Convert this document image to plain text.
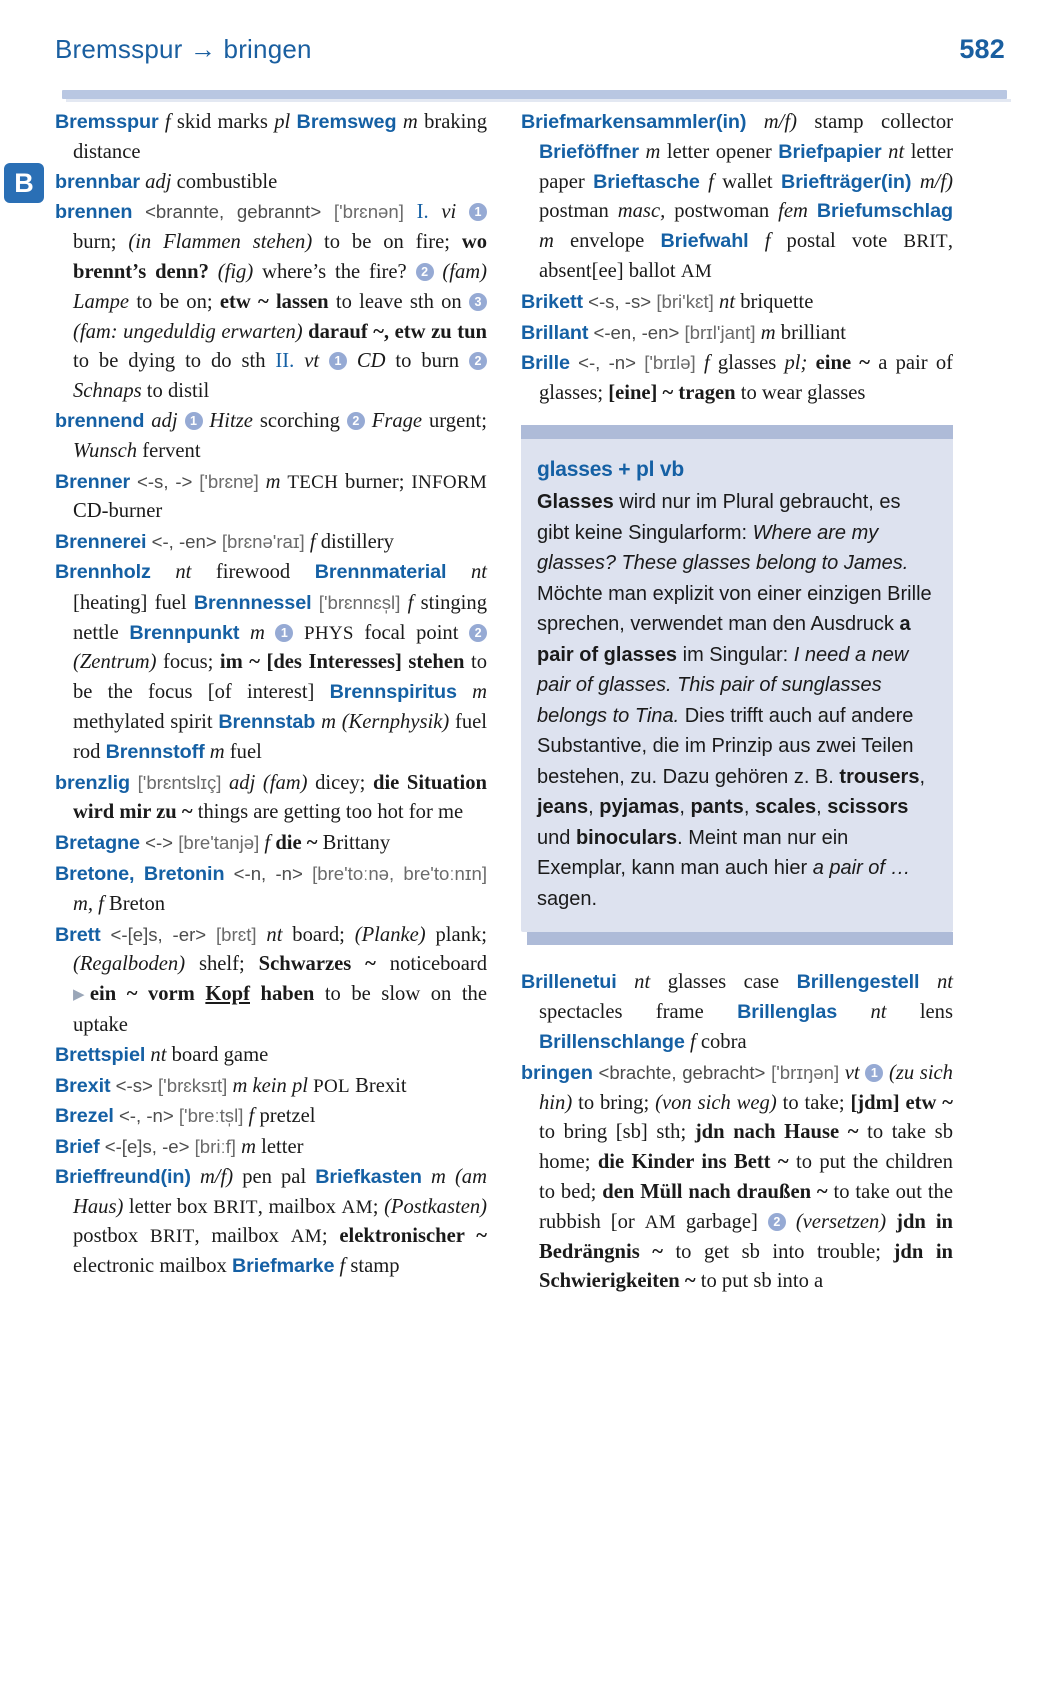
Bremsspur → bringen	582
B

Bremsspur f skid marks pl Bremsweg m braking distance

brennbar adj combustible

brennen <brannte, gebrannt> ['brɛnən] I. vi 1 burn; (in Flammen stehen) to be on fire; wo brennt’s denn? (fig) where’s the fire? 2 (fam) Lampe to be on; etw ~ lassen to leave sth on 3 (fam: ungeduldig erwarten) darauf ~, etw zu tun to be dying to do sth II. vt 1 CD to burn 2 Schnaps to distil

brennend adj 1 Hitze scorching 2 Frage urgent; Wunsch fervent

Brenner <-s, -> ['brɛnɐ] m TECH burner; INFORM CD-burner

Brennerei <-, -en> [brɛnə'raɪ] f distillery

Brennholz nt firewood Brennmaterial nt [heating] fuel Brennnessel ['brɛnnɛs̩l] f stinging nettle Brennpunkt m 1 PHYS focal point 2 (Zentrum) focus; im ~ [des Interesses] stehen to be the focus [of interest] Brennspiritus m methylated spirit Brennstab m (Kernphysik) fuel rod Brennstoff m fuel

brenzlig ['brɛntslɪç] adj (fam) dicey; die Situation wird mir zu ~ things are getting too hot for me

Bretagne <-> [bre'tanjə] f die ~ Brittany

Bretone, Bretonin <-n, -n> [bre'toːnə, bre'toːnɪn] m, f Breton

Brett <-[e]s, -er> [brɛt] nt board; (Planke) plank; (Regalboden) shelf; Schwarzes ~ noticeboard ▶ein ~ vorm Kopf haben to be slow on the uptake

Brettspiel nt board game

Brexit <-s> ['brɛksɪt] m kein pl POL Brexit

Brezel <-, -n> ['breːts̩l] f pretzel

Brief <-[e]s, -e> [briːf] m letter

Brieffreund(in) m/f) pen pal Briefkasten m (am Haus) letter box BRIT, mailbox AM; (Postkasten) postbox BRIT, mailbox AM; elektronischer ~ electronic mailbox Briefmarke f stamp

Briefmarkensammler(in) m/f) stamp collector Brieföffner m letter opener Briefpapier nt letter paper Brieftasche f wallet Briefträger(in) m/f) postman masc, postwoman fem Briefumschlag m envelope Briefwahl f postal vote BRIT, absent[ee] ballot AM

Brikett <-s, -s> [bri'kɛt] nt briquette

Brillant <-en, -en> [brɪl'jant] m brilliant

Brille <-, -n> ['brɪlə] f glasses pl; eine ~ a pair of glasses; [eine] ~ tragen to wear glasses

glasses + pl vb
Glasses wird nur im Plural gebraucht, es gibt keine Singularform: Where are my glasses? These glasses belong to James. Möchte man explizit von einer einzigen Brille sprechen, verwendet man den Ausdruck a pair of glasses im Singular: I need a new pair of glasses. This pair of sunglasses belongs to Tina. Dies trifft auch auf andere Substantive, die im Prinzip aus zwei Teilen bestehen, zu. Dazu gehören z. B. trousers, jeans, pyjamas, pants, scales, scissors und binoculars. Meint man nur ein Exemplar, kann man auch hier a pair of … sagen.

Brillenetui nt glasses case Brillengestell nt spectacles frame Brillenglas nt lens Brillenschlange f cobra

bringen <brachte, gebracht> ['brɪŋən] vt 1 (zu sich hin) to bring; (von sich weg) to take; [jdm] etw ~ to bring [sb] sth; jdn nach Hause ~ to take sb home; die Kinder ins Bett ~ to put the children to bed; den Müll nach draußen ~ to take out the rubbish [or AM garbage] 2 (versetzen) jdn in Bedrängnis ~ to get sb into trouble; jdn in Schwierigkeiten ~ to put sb into a
